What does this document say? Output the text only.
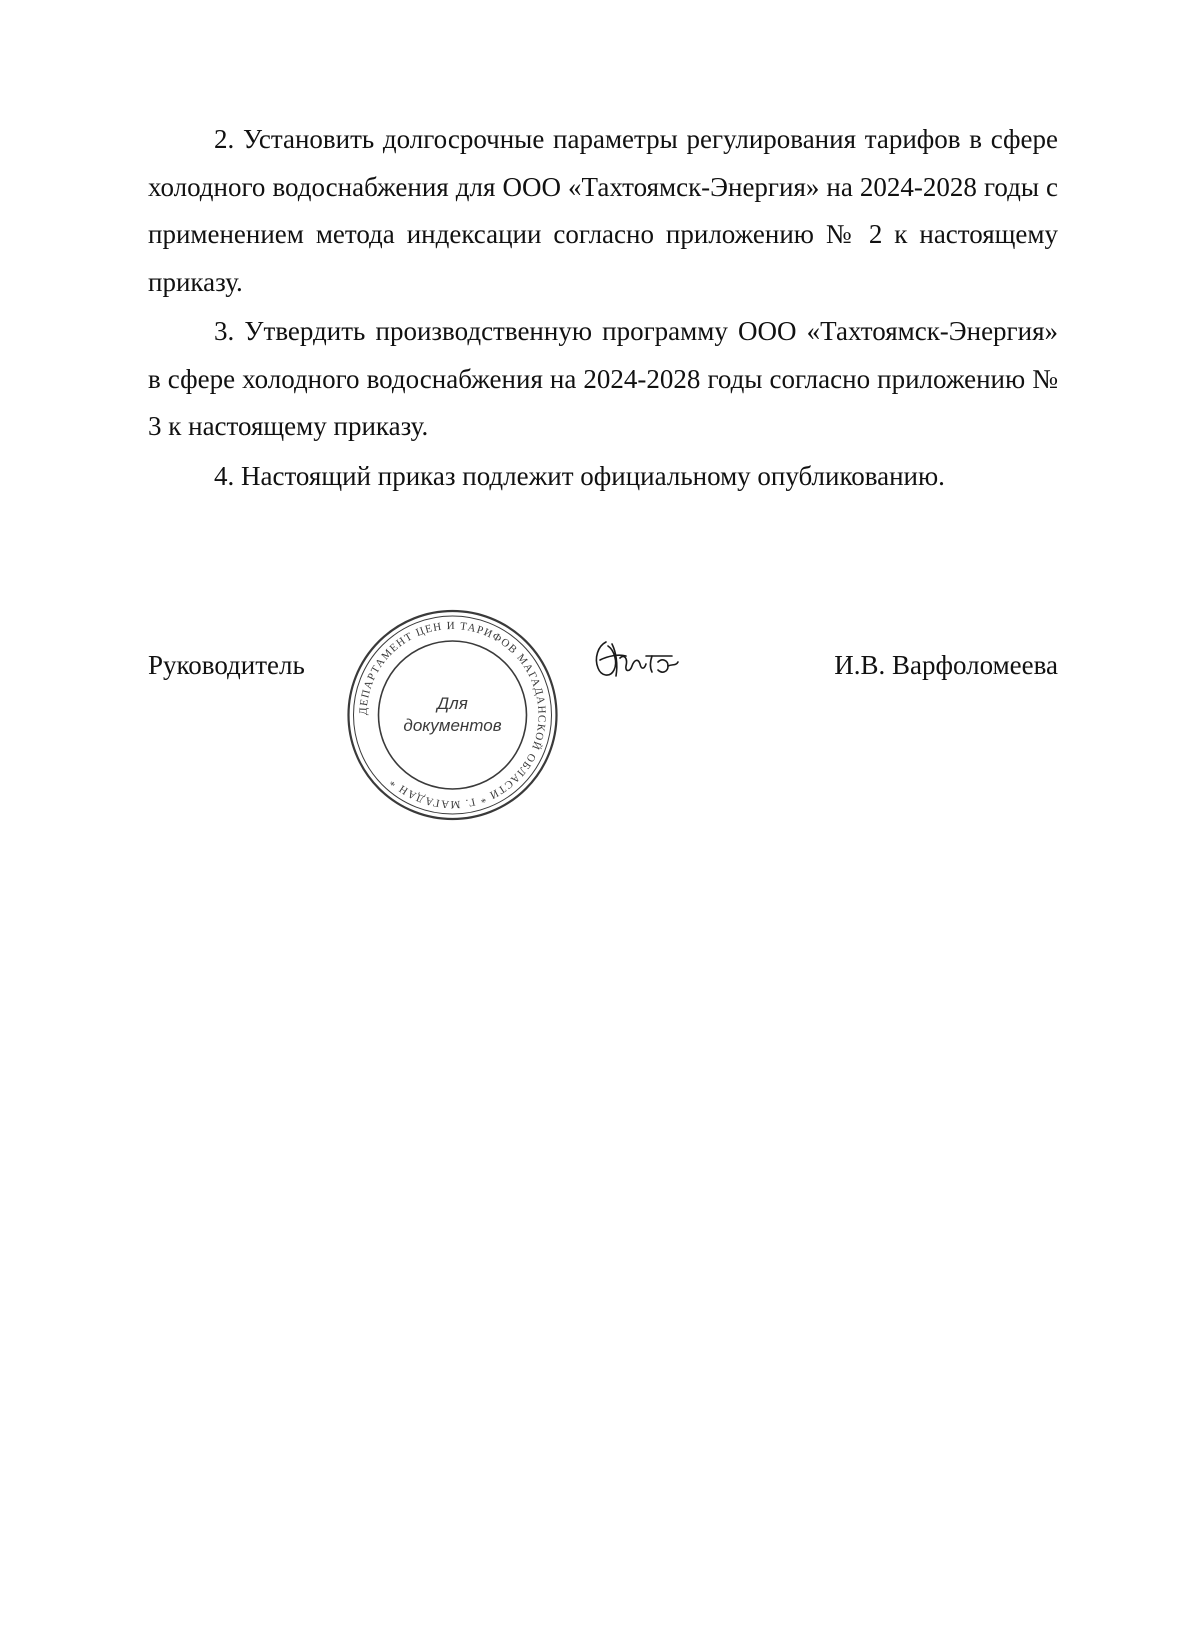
2. Установить долгосрочные параметры регулирования тарифов в сфере холодного водоснабжения для ООО «Тахтоямск-Энергия» на 2024-2028 годы с применением метода индексации согласно приложению № 2 к настоящему приказу.

3. Утвердить производственную программу ООО «Тахтоямск-Энергия» в сфере холодного водоснабжения на 2024-2028 годы согласно приложению № 3 к настоящему приказу.

4. Настоящий приказ подлежит официальному опубликованию.

Руководитель	И.В. Варфоломеева
ДЕПАРТАМЕНТ ЦЕН И ТАРИФОВ МАГАДАНСКОЙ ОБЛАСТИ * Г. МАГАДАН *
Для
документов
